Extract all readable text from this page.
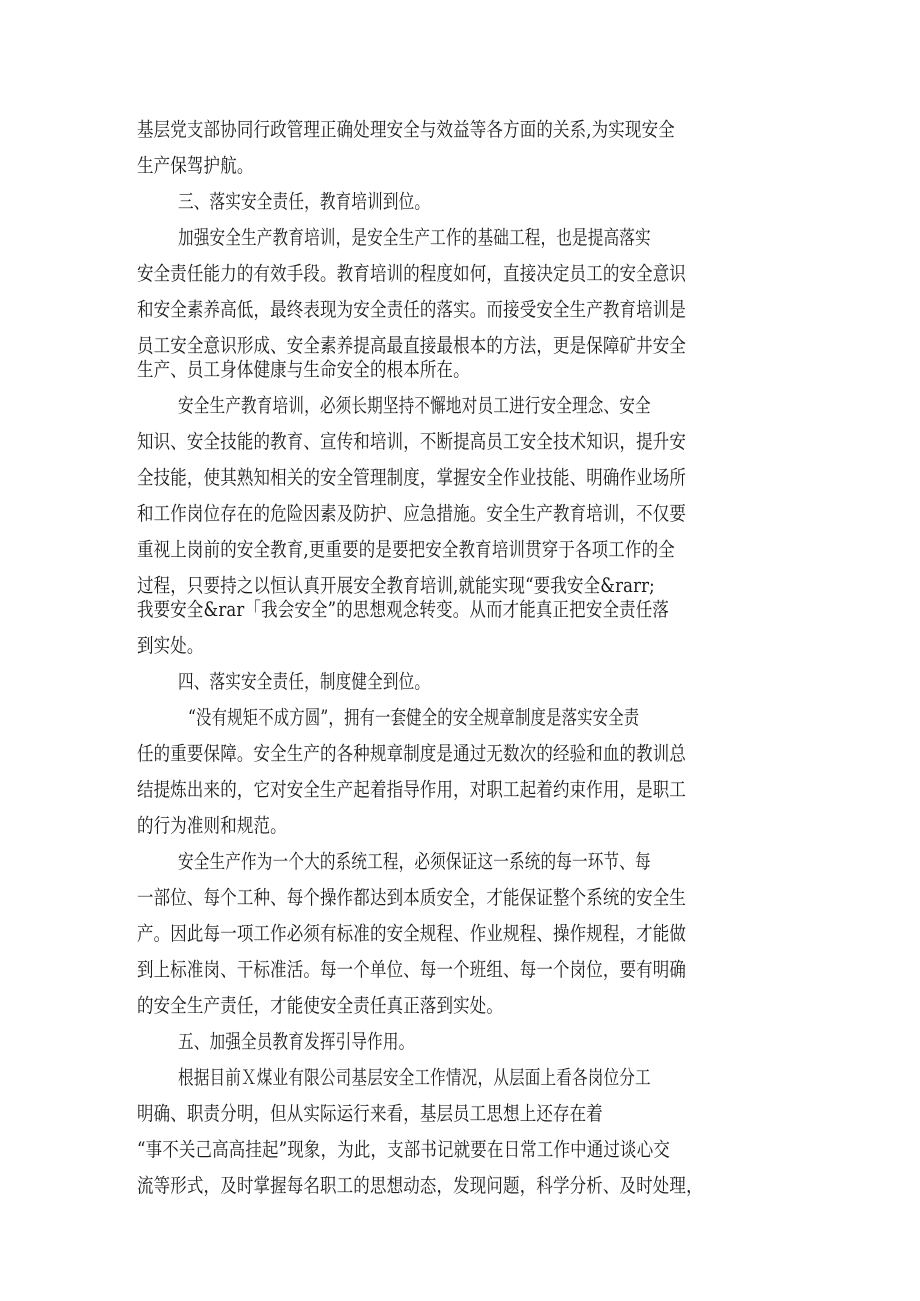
基层党支部协同行政管理正确处理安全与效益等各方面的关系,为实现安全
生产保驾护航。
三、落实安全责任，教育培训到位。
加强安全生产教育培训，是安全生产工作的基础工程，也是提高落实
安全责任能力的有效手段。教育培训的程度如何，直接决定员工的安全意识
和安全素养高低，最终表现为安全责任的落实。而接受安全生产教育培训是
员工安全意识形成、安全素养提高最直接最根本的方法，更是保障矿井安全
生产、员工身体健康与生命安全的根本所在。
安全生产教育培训，必须长期坚持不懈地对员工进行安全理念、安全
知识、安全技能的教育、宣传和培训，不断提高员工安全技术知识，提升安
全技能，使其熟知相关的安全管理制度，掌握安全作业技能、明确作业场所
和工作岗位存在的危险因素及防护、应急措施。安全生产教育培训，不仅要
重视上岗前的安全教育,更重要的是要把安全教育培训贯穿于各项工作的全
过程，只要持之以恒认真开展安全教育培训,就能实现“要我安全&rarr;
我要安全&rar「我会安全”的思想观念转变。从而才能真正把安全责任落
到实处。
四、落实安全责任，制度健全到位。
“没有规矩不成方圆”，拥有一套健全的安全规章制度是落实安全责
任的重要保障。安全生产的各种规章制度是通过无数次的经验和血的教训总
结提炼出来的，它对安全生产起着指导作用，对职工起着约束作用，是职工
的行为准则和规范。
安全生产作为一个大的系统工程，必须保证这一系统的每一环节、每
一部位、每个工种、每个操作都达到本质安全，才能保证整个系统的安全生
产。因此每一项工作必须有标准的安全规程、作业规程、操作规程，才能做
到上标准岗、干标准活。每一个单位、每一个班组、每一个岗位，要有明确
的安全生产责任，才能使安全责任真正落到实处。
五、加强全员教育发挥引导作用。
根据目前Ｘ煤业有限公司基层安全工作情况，从层面上看各岗位分工
明确、职责分明，但从实际运行来看，基层员工思想上还存在着
“事不关己高高挂起”现象，为此，支部书记就要在日常工作中通过谈心交
流等形式，及时掌握每名职工的思想动态，发现问题，科学分析、及时处理，
